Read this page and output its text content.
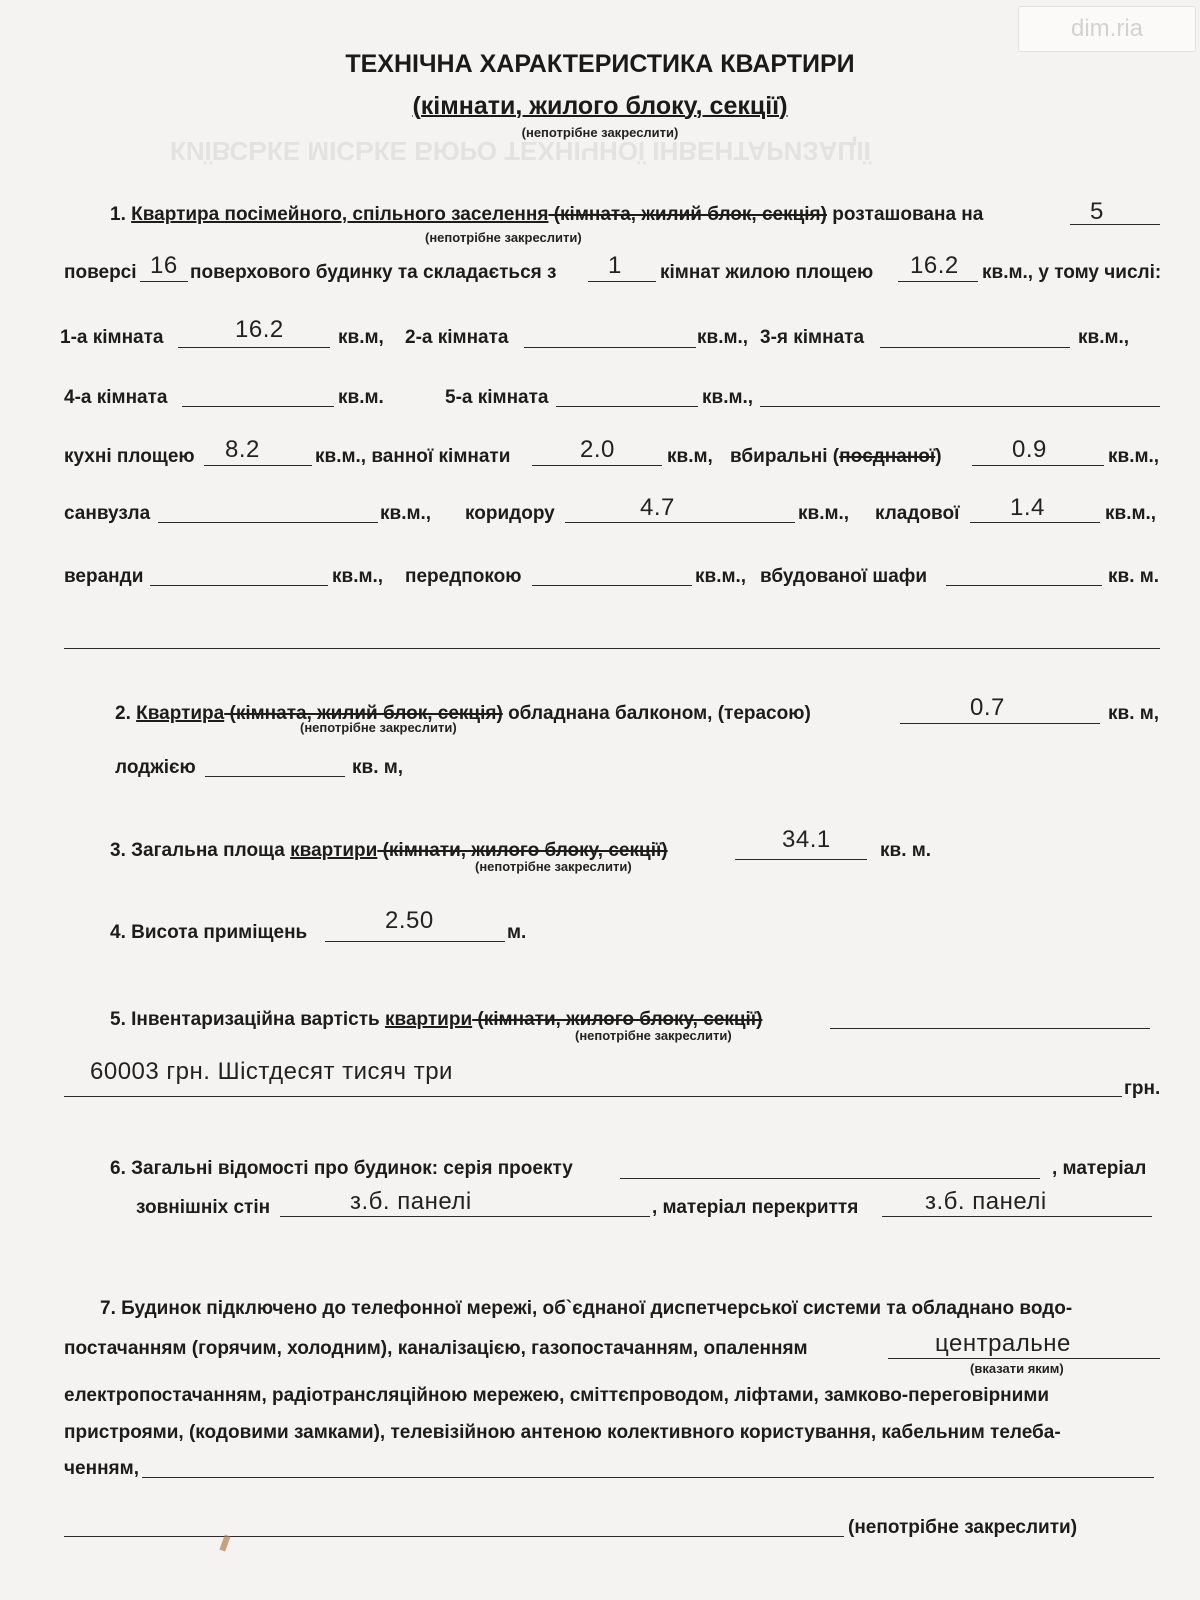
КИЇВСЬКЕ МІСЬКЕ БЮРО ТЕХНІЧНОЇ ІНВЕНТАРИЗАЦІЇ
dim.ria
ТЕХНІЧНА ХАРАКТЕРИСТИКА КВАРТИРИ
(кімнати, жилого блоку, секції)
(непотрібне закреслити)
1. Квартира посімейного, спільного заселення (кімната, жилий блок, секція) розташована на	5
(непотрібне закреслити)
поверсі 16 поверхового будинку та складається з 1 кімнат жилою площею 16.2 кв.м., у тому числі:
1-а кімната	16.2	кв.м, 2-а кімната	кв.м., 3-я кімната	кв.м.,
4-а кімната	кв.м.	5-а кімната	кв.м.,
кухні площею 8.2	кв.м., ванної кімнати	2.0	кв.м, вбиральні (поєднаної)	0.9	кв.м.,
санвузла	кв.м., коридору	4.7	кв.м., кладової 1.4	кв.м.,
веранди	кв.м., передпокою	кв.м., вбудованої шафи	кв. м.
2. Квартира (кімната, жилий блок, секція) обладнана балконом, (терасою)	0.7	кв. м,
(непотрібне закреслити)
лоджією	кв. м,
3. Загальна площа квартири (кімнати, жилого блоку, секції)	34.1	кв. м.
(непотрібне закреслити)
4. Висота приміщень	2.50	м.
5. Інвентаризаційна вартість квартири (кімнати, жилого блоку, секції)
(непотрібне закреслити)
60003 грн. Шістдесят тисяч три
грн.
6. Загальні відомості про будинок: серія проекту	, матеріал
зовнішніх стін	з.б. панелі	, матеріал перекриття	з.б. панелі
7. Будинок підключено до телефонної мережі, об`єднаної диспетчерської системи та обладнано водо-
постачанням (горячим, холодним), каналізацією, газопостачанням, опаленням	центральне
(вказати яким)
електропостачанням, радіотрансляційною мережею, сміттєпроводом, ліфтами, замково-переговірними
пристроями, (кодовими замками), телевізійною антеною колективного користування, кабельним телеба-
ченням,
(непотрібне закреслити)
